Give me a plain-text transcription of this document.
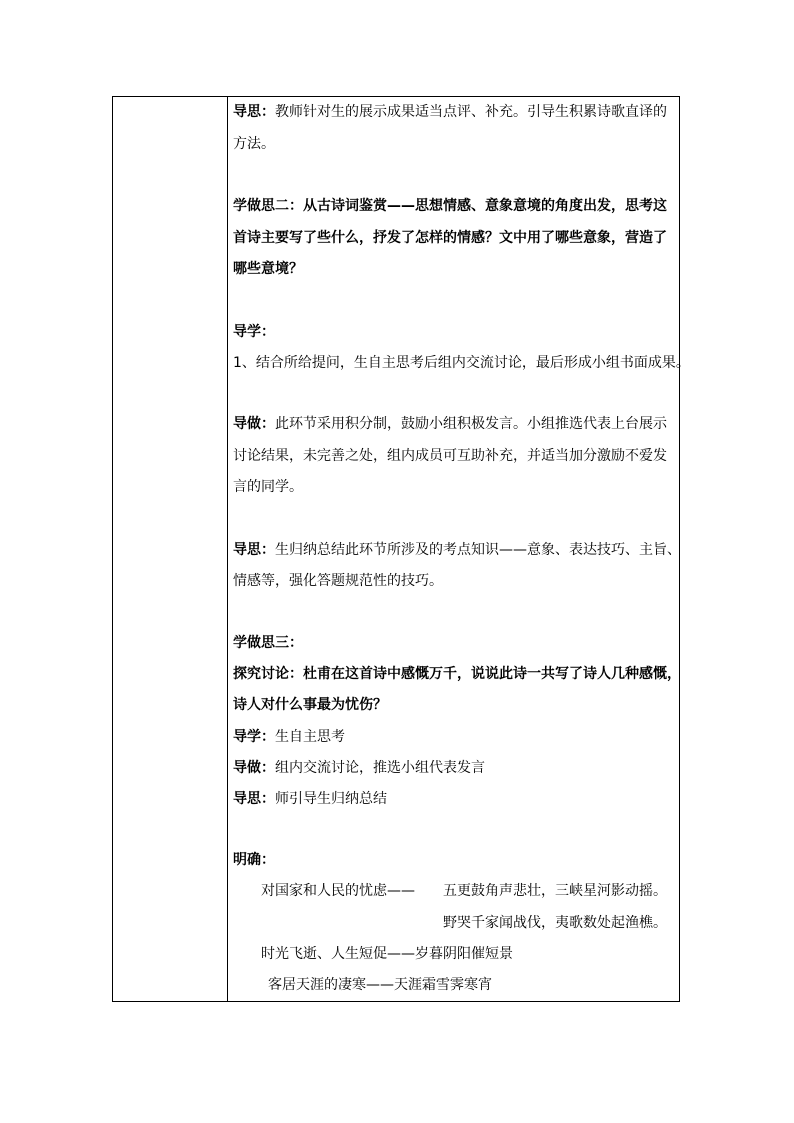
导思：教师针对生的展示成果适当点评、补充。引导生积累诗歌直译的
方法。
学做思二：从古诗词鉴赏——思想情感、意象意境的角度出发，思考这
首诗主要写了些什么，抒发了怎样的情感？文中用了哪些意象，营造了
哪些意境？
导学：
1、结合所给提问，生自主思考后组内交流讨论，最后形成小组书面成果。
导做：此环节采用积分制，鼓励小组积极发言。小组推选代表上台展示
讨论结果，未完善之处，组内成员可互助补充，并适当加分激励不爱发
言的同学。
导思：生归纳总结此环节所涉及的考点知识——意象、表达技巧、主旨、
情感等，强化答题规范性的技巧。
学做思三：
探究讨论：杜甫在这首诗中感慨万千，说说此诗一共写了诗人几种感慨，
诗人对什么事最为忧伤？
导学：生自主思考
导做：组内交流讨论，推选小组代表发言
导思：师引导生归纳总结
明确：
对国家和人民的忧虑—— 五更鼓角声悲壮，三峡星河影动摇。
野哭千家闻战伐，夷歌数处起渔樵。
时光飞逝、人生短促——岁暮阴阳催短景
客居天涯的凄寒——天涯霜雪霁寒宵
